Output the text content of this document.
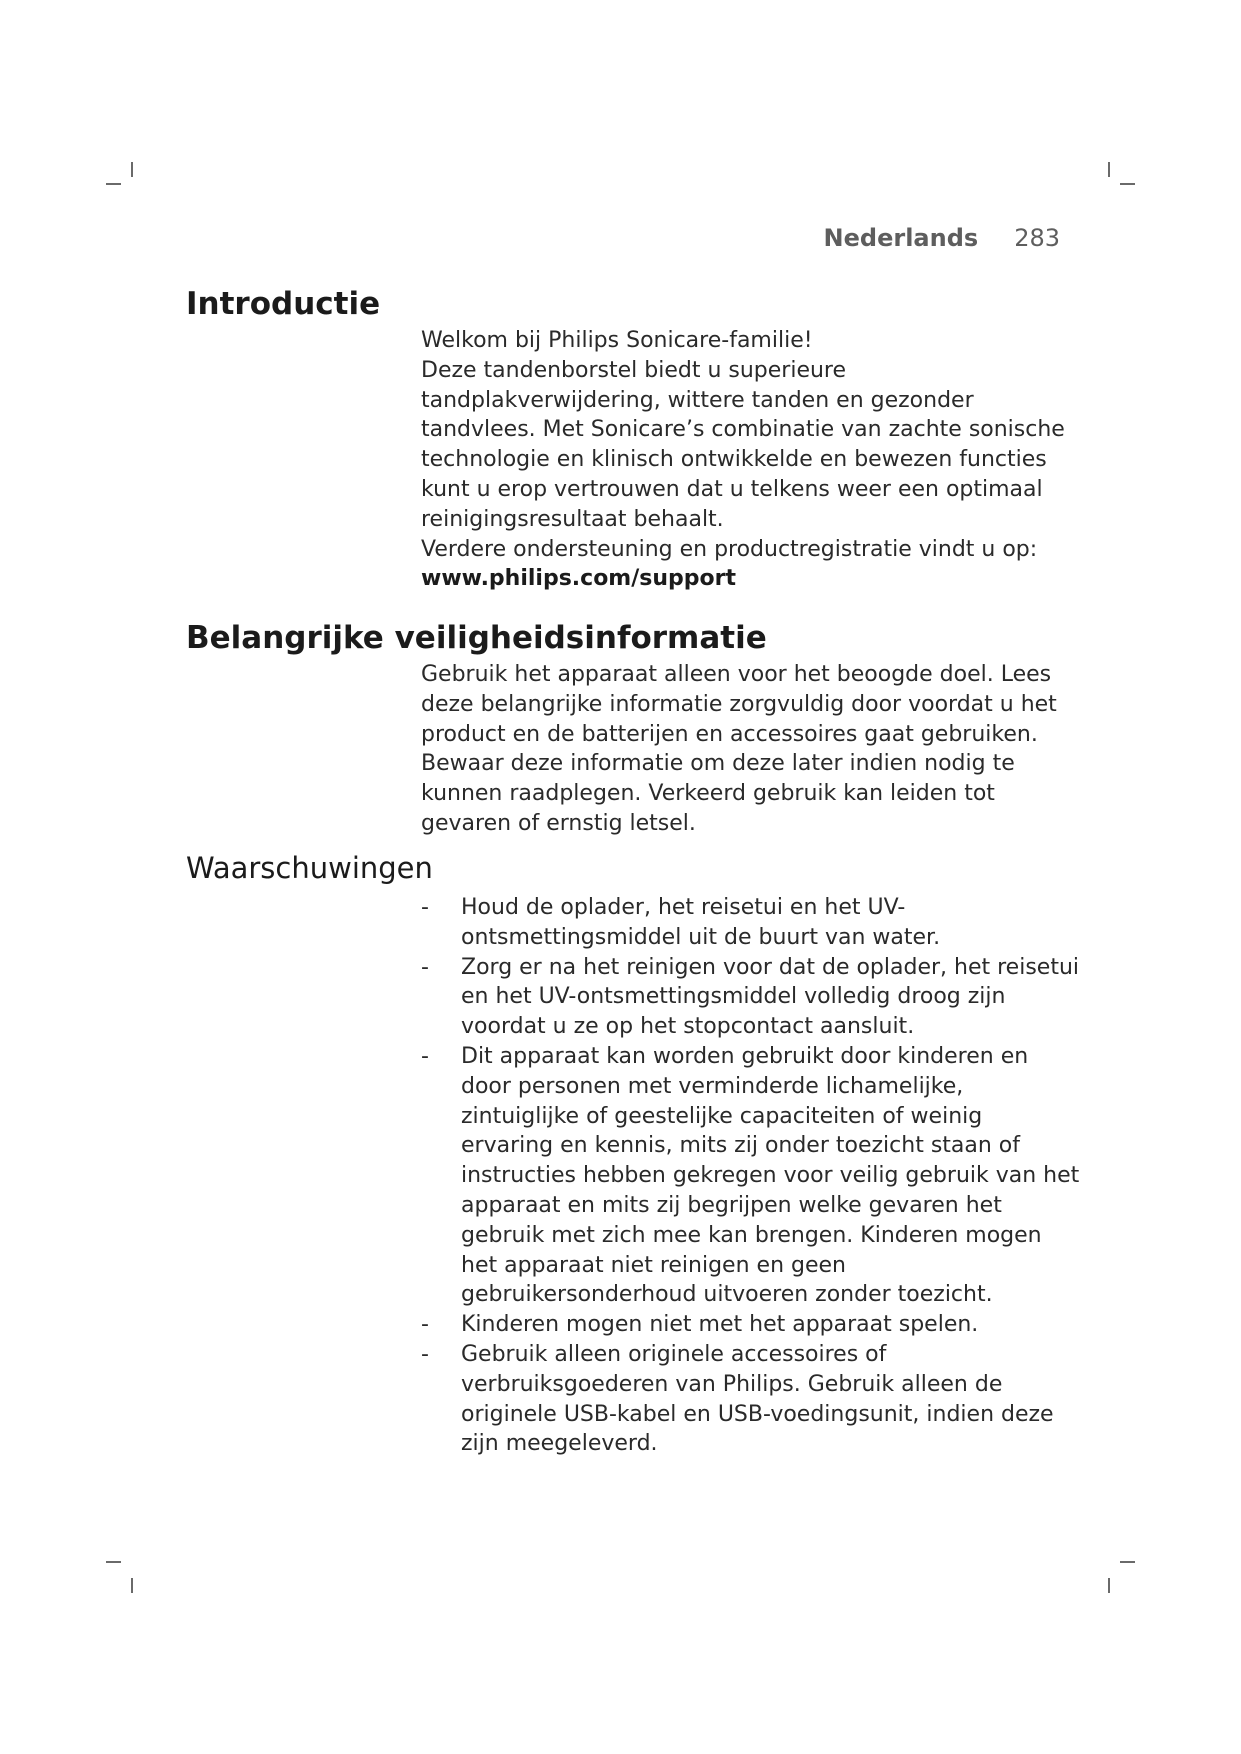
Nederlands 283
Introductie

Welkom bij Philips Sonicare-familie!

Deze tandenborstel biedt u superieure tandplakverwijdering, wittere tanden en gezonder tandvlees. Met Sonicare’s combinatie van zachte sonische technologie en klinisch ontwikkelde en bewezen functies kunt u erop vertrouwen dat u telkens weer een optimaal reinigingsresultaat behaalt.

Verdere ondersteuning en productregistratie vindt u op:

www.philips.com/support

Belangrijke veiligheidsinformatie

Gebruik het apparaat alleen voor het beoogde doel. Lees deze belangrijke informatie zorgvuldig door voordat u het product en de batterijen en accessoires gaat gebruiken. Bewaar deze informatie om deze later indien nodig te kunnen raadplegen. Verkeerd gebruik kan leiden tot gevaren of ernstig letsel.

Waarschuwingen
- Houd de oplader, het reisetui en het UV-ontsmettingsmiddel uit de buurt van water.
- Zorg er na het reinigen voor dat de oplader, het reisetui en het UV-ontsmettingsmiddel volledig droog zijn voordat u ze op het stopcontact aansluit.
- Dit apparaat kan worden gebruikt door kinderen en door personen met verminderde lichamelijke, zintuiglijke of geestelijke capaciteiten of weinig ervaring en kennis, mits zij onder toezicht staan of instructies hebben gekregen voor veilig gebruik van het apparaat en mits zij begrijpen welke gevaren het gebruik met zich mee kan brengen. Kinderen mogen het apparaat niet reinigen en geen gebruikersonderhoud uitvoeren zonder toezicht.
- Kinderen mogen niet met het apparaat spelen.
- Gebruik alleen originele accessoires of verbruiksgoederen van Philips. Gebruik alleen de originele USB-kabel en USB-voedingsunit, indien deze zijn meegeleverd.
